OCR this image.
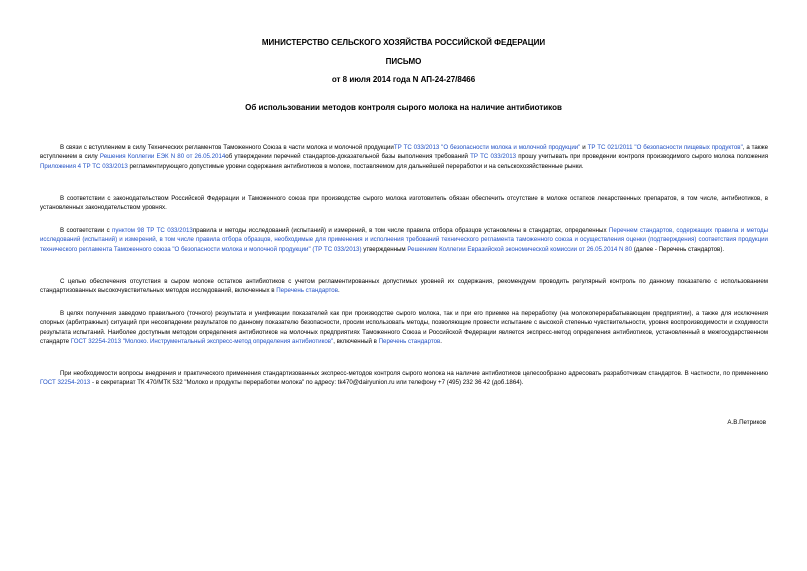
МИНИСТЕРСТВО СЕЛЬСКОГО ХОЗЯЙСТВА РОССИЙСКОЙ ФЕДЕРАЦИИ
ПИСЬМО
от 8 июля 2014 года N АП-24-27/8466
Об использовании методов контроля сырого молока на наличие антибиотиков

В связи с вступлением в силу Технических регламентов Таможенного Союза в части молока и молочной продукцииТР ТС 033/2013 "О безопасности молока и молочной продукции" и ТР ТС 021/2011 "О безопасности пищевых продуктов", а также вступлением в силу Решения Коллегии ЕЭК N 80 от 26.05.2014об утверждении перечней стандартов-доказательной базы выполнения требований ТР ТС 033/2013 прошу учитывать при проведении контроля производимого сырого молока положения Приложения 4 ТР ТС 033/2013 регламентирующего допустимые уровни содержания антибиотиков в молоке, поставляемом для дальнейшей переработки и на сельскохозяйственные рынки.

В соответствии с законодательством Российской Федерации и Таможенного союза при производстве сырого молока изготовитель обязан обеспечить отсутствие в молоке остатков лекарственных препаратов, в том числе, антибиотиков, в установленных законодательством уровнях.

В соответствии с пунктом 98 ТР ТС 033/2013правила и методы исследований (испытаний) и измерений, в том числе правила отбора образцов установлены в стандартах, определенных Перечнем стандартов, содержащих правила и методы исследований (испытаний) и измерений, в том числе правила отбора образцов, необходимые для применения и исполнения требований технического регламента таможенного союза и осуществления оценки (подтверждения) соответствия продукции технического регламента Таможенного союза "О безопасности молока и молочной продукции" (ТР ТС 033/2013) утвержденным Решением Коллегии Евразийской экономической комиссии от 26.05.2014 N 80 (далее - Перечень стандартов).

С целью обеспечения отсутствия в сыром молоке остатков антибиотиков с учетом регламентированных допустимых уровней их содержания, рекомендуем проводить регулярный контроль по данному показателю с использованием стандартизованных высокочувствительных методов исследований, включенных в Перечень стандартов.

В целях получения заведомо правильного (точного) результата и унификации показателей как при производстве сырого молока, так и при его приемке на переработку (на молокоперерабатывающем предприятии), а также для исключения спорных (арбитражных) ситуаций при несовпадении результатов по данному показателю безопасности, просим использовать методы, позволяющие провести испытание с высокой степенью чувствительности, уровня воспроизводимости и сходимости результата испытаний. Наиболее доступным методом определения антибиотиков на молочных предприятиях Таможенного Союза и Российской Федерации является экспресс-метод определения антибиотиков, установленный в межгосударственном стандарте ГОСТ 32254-2013 "Молоко. Инструментальный экспресс-метод определения антибиотиков", включенный в Перечень стандартов.

При необходимости вопросы внедрения и практического применения стандартизованных экспресс-методов контроля сырого молока на наличие антибиотиков целесообразно адресовать разработчикам стандартов. В частности, по применению ГОСТ 32254-2013 - в секретариат ТК 470/МТК 532 "Молоко и продукты переработки молока" по адресу: tk470@dairyunion.ru или телефону +7 (495) 232 36 42 (доб.1864).

А.В.Петриков
